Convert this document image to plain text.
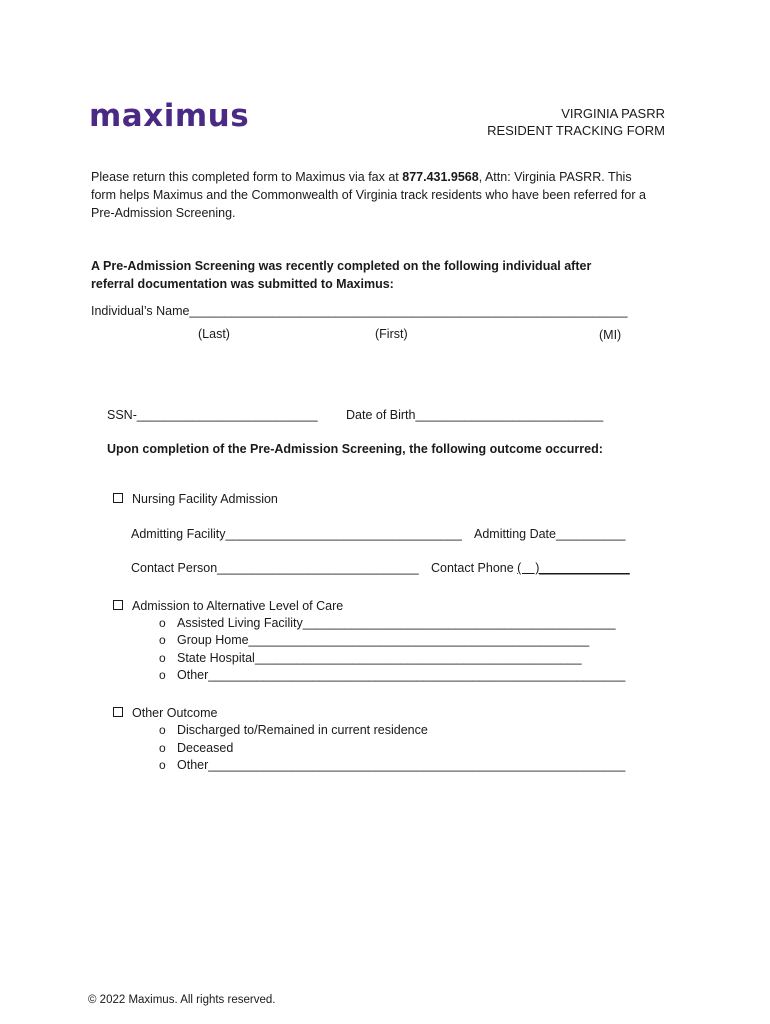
maximus	VIRGINIA PASRR
RESIDENT TRACKING FORM
Please return this completed form to Maximus via fax at 877.431.9568, Attn: Virginia PASRR. This
form helps Maximus and the Commonwealth of Virginia track residents who have been referred for a
Pre-Admission Screening.
A Pre-Admission Screening was recently completed on the following individual after
referral documentation was submitted to Maximus:
Individual’s Name_______________________________________________________________
(Last)	(First)	(MI)
SSN-__________________________ Date of Birth___________________________
Upon completion of the Pre-Admission Screening, the following outcome occurred:
Nursing Facility Admission
Admitting Facility__________________________________ Admitting Date__________
Contact Person_____________________________ Contact Phone (    )_____________
Admission to Alternative Level of Care
o Assisted Living Facility_____________________________________________
o Group Home_________________________________________________
o State Hospital_______________________________________________
o Other____________________________________________________________
Other Outcome
o Discharged to/Remained in current residence
o Deceased
o Other____________________________________________________________
© 2022 Maximus. All rights reserved.
